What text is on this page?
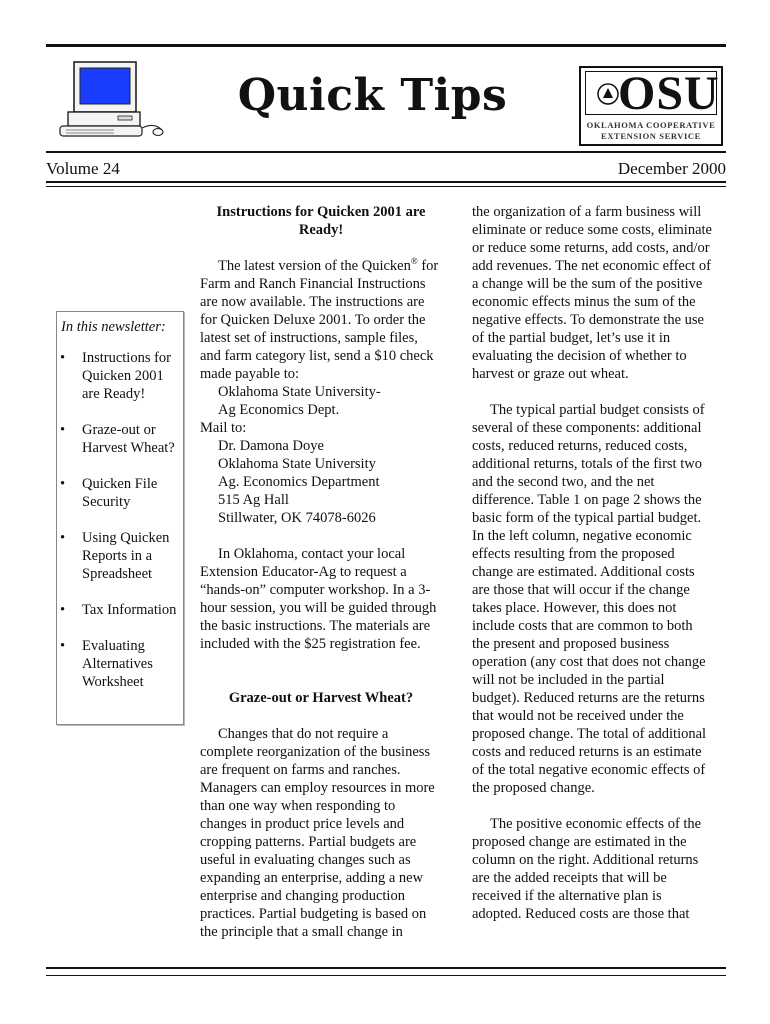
Quick Tips	OSU
OKLAHOMA COOPERATIVE
EXTENSION SERVICE
Volume 24	December 2000
In this newsletter:
• Instructions for Quicken 2001 are Ready!
• Graze-out or Harvest Wheat?
• Quicken File Security
• Using Quicken Reports in a Spreadsheet
• Tax Information
• Evaluating Alternatives Worksheet

Instructions for Quicken 2001 are Ready!

The latest version of the Quicken® for Farm and Ranch Financial Instructions are now available. The instructions are for Quicken Deluxe 2001. To order the latest set of instructions, sample files, and farm category list, send a $10 check made payable to:

Oklahoma State University-

Ag Economics Dept.

Mail to:

Dr. Damona Doye

Oklahoma State University

Ag. Economics Department

515 Ag Hall

Stillwater, OK 74078-6026

In Oklahoma, contact your local Extension Educator-Ag to request a “hands-on” computer workshop. In a 3-hour session, you will be guided through the basic instructions. The materials are included with the $25 registration fee.

Graze-out or Harvest Wheat?

Changes that do not require a complete reorganization of the business are frequent on farms and ranches. Managers can employ resources in more than one way when responding to changes in product price levels and cropping patterns. Partial budgets are useful in evaluating changes such as expanding an enterprise, adding a new enterprise and changing production practices. Partial budgeting is based on the principle that a small change in

the organization of a farm business will eliminate or reduce some costs, eliminate or reduce some returns, add costs, and/or add revenues. The net economic effect of a change will be the sum of the positive economic effects minus the sum of the negative effects. To demonstrate the use of the partial budget, let’s use it in evaluating the decision of whether to harvest or graze out wheat.

The typical partial budget consists of several of these components: additional costs, reduced returns, reduced costs, additional returns, totals of the first two and the second two, and the net difference. Table 1 on page 2 shows the basic form of the typical partial budget. In the left column, negative economic effects resulting from the proposed change are estimated. Additional costs are those that will occur if the change takes place. However, this does not include costs that are common to both the present and proposed business operation (any cost that does not change will not be included in the partial budget). Reduced returns are the returns that would not be received under the proposed change. The total of additional costs and reduced returns is an estimate of the total negative economic effects of the proposed change.

The positive economic effects of the proposed change are estimated in the column on the right. Additional returns are the added receipts that will be received if the alternative plan is adopted. Reduced costs are those that
